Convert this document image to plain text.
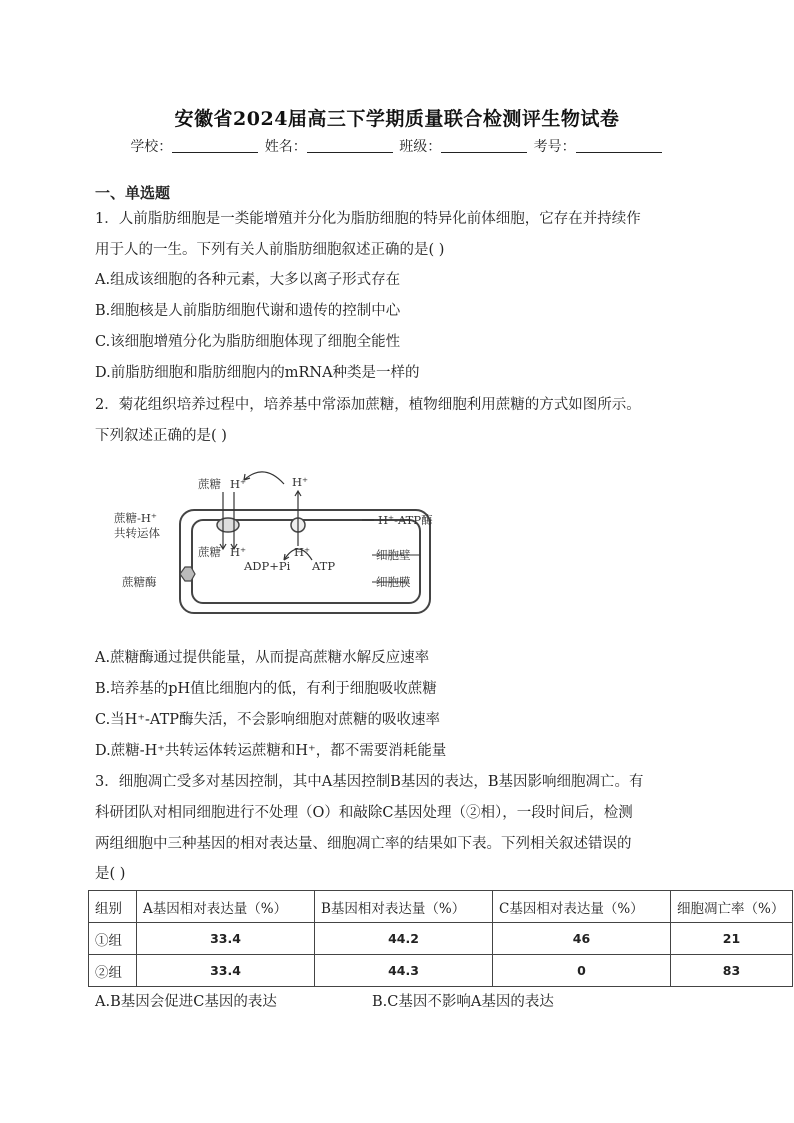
安徽省2024届高三下学期质量联合检测评生物试卷
学校：	姓名：	班级：	考号：
一、单选题
1．人前脂肪细胞是一类能增殖并分化为脂肪细胞的特异化前体细胞，它存在并持续作
用于人的一生。下列有关人前脂肪细胞叙述正确的是( )
A.组成该细胞的各种元素，大多以离子形式存在
B.细胞核是人前脂肪细胞代谢和遗传的控制中心
C.该细胞增殖分化为脂肪细胞体现了细胞全能性
D.前脂肪细胞和脂肪细胞内的mRNA种类是一样的
2．菊花组织培养过程中，培养基中常添加蔗糖，植物细胞利用蔗糖的方式如图所示。
下列叙述正确的是( )
蔗糖 H⁺	H⁺
蔗糖-H⁺
共转运体
H⁺-ATP酶
蔗糖 H⁺	H⁺
ADP+Pi ATP
细胞壁
细胞膜
蔗糖酶
A.蔗糖酶通过提供能量，从而提高蔗糖水解反应速率
B.培养基的pH值比细胞内的低，有利于细胞吸收蔗糖
C.当H⁺-ATP酶失活，不会影响细胞对蔗糖的吸收速率
D.蔗糖-H⁺共转运体转运蔗糖和H⁺，都不需要消耗能量
3．细胞凋亡受多对基因控制，其中A基因控制B基因的表达，B基因影响细胞凋亡。有
科研团队对相同细胞进行不处理（O）和敲除C基因处理（②相），一段时间后，检测
两组细胞中三种基因的相对表达量、细胞凋亡率的结果如下表。下列相关叙述错误的
是( )
组别	A基因相对表达量（%）	B基因相对表达量（%）	C基因相对表达量（%）	细胞凋亡率（%）
①组	33.4	44.2	46	21
②组	33.4	44.3	0	83
A.B基因会促进C基因的表达	B.C基因不影响A基因的表达
